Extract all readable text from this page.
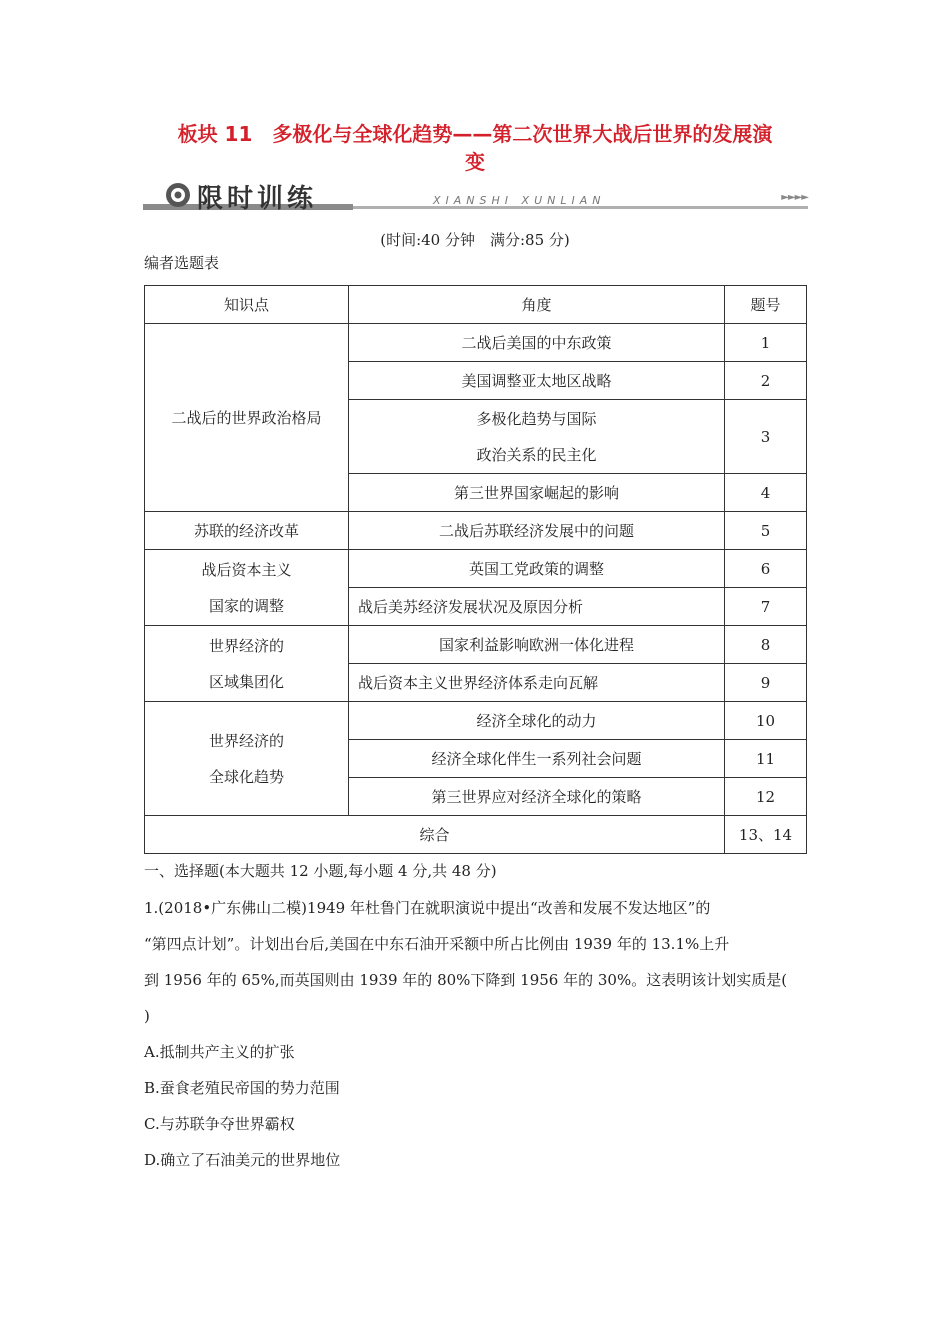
板块 11　多极化与全球化趋势——第二次世界大战后世界的发展演
变
限时训练	XIANSHI XUNLIAN	►►►►
(时间:40 分钟　满分:85 分)
编者选题表
知识点	角度	题号
二战后的世界政治格局	二战后美国的中东政策	1
	美国调整亚太地区战略	2

	多极化趋势与国际
政治关系的民主化	3
	第三世界国家崛起的影响	4
苏联的经济改革	二战后苏联经济发展中的问题	5

战后资本主义
国家的调整	英国工党政策的调整	6
	战后美苏经济发展状况及原因分析	7

世界经济的
区域集团化	国家利益影响欧洲一体化进程	8
	战后资本主义世界经济体系走向瓦解	9

世界经济的
全球化趋势	经济全球化的动力	10
	经济全球化伴生一系列社会问题	11
	第三世界应对经济全球化的策略	12
综合		13、14
一、选择题(本大题共 12 小题,每小题 4 分,共 48 分)
1.(2018•广东佛山二模)1949 年杜鲁门在就职演说中提出“改善和发展不发达地区”的
“第四点计划”。计划出台后,美国在中东石油开采额中所占比例由 1939 年的 13.1%上升
到 1956 年的 65%,而英国则由 1939 年的 80%下降到 1956 年的 30%。这表明该计划实质是(
)
A.抵制共产主义的扩张
B.蚕食老殖民帝国的势力范围
C.与苏联争夺世界霸权
D.确立了石油美元的世界地位
